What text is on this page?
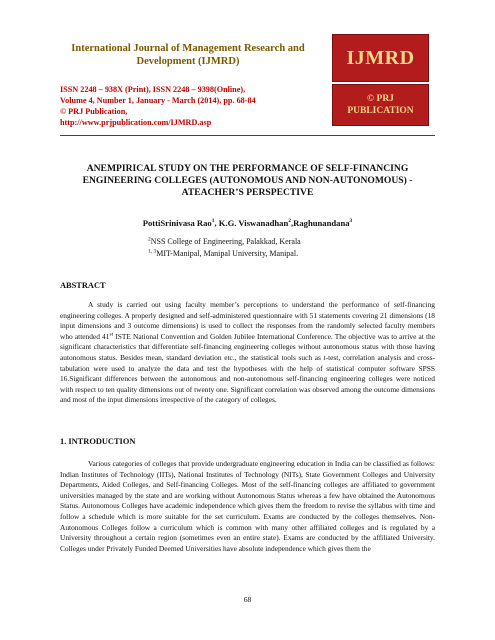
International Journal of Management Research and Development (IJMRD)
ISSN 2248 – 938X (Print), ISSN 2248 – 9398(Online),
Volume 4, Number 1, January - March (2014), pp. 68-84
© PRJ Publication,
http://www.prjpublication.com/IJMRD.asp
IJMRD
© PRJ
PUBLICATION
ANEMPIRICAL STUDY ON THE PERFORMANCE OF SELF-FINANCING
ENGINEERING COLLEGES (AUTONOMOUS AND NON-AUTONOMOUS) -
ATEACHER’S PERSPECTIVE
PottiSrinivasa Rao$^1$, K.G. Viswanadhan$^2$,Raghunandana$^3$
$^2$NSS College of Engineering, Palakkad, Kerala
$^{1, 3}$MIT-Manipal, Manipal University, Manipal.
ABSTRACT

A study is carried out using faculty member’s perceptions to understand the performance of self-financing engineering colleges. A properly designed and self-administered questionnaire with 51 statements covering 21 dimensions (18 input dimensions and 3 outcome dimensions) is used to collect the responses from the randomly selected faculty members who attended 41st ISTE National Convention and Golden Jubilee International Conference. The objective was to arrive at the significant characteristics that differentiate self-financing engineering colleges without autonomous status with those having autonomous status. Besides mean, standard deviation etc., the statistical tools such as t-test, correlation analysis and cross-tabulation were used to analyze the data and test the hypotheses with the help of statistical computer software SPSS 16.Significant differences between the autonomous and non-autonomous self-financing engineering colleges were noticed with respect to ten quality dimensions out of twenty one. Significant correlation was observed among the outcome dimensions and most of the input dimensions irrespective of the category of colleges.

1. INTRODUCTION

Various categories of colleges that provide undergraduate engineering education in India can be classified as follows: Indian Institutes of Technology (IITs), National Institutes of Technology (NITs), State Government Colleges and University Departments, Aided Colleges, and Self-financing Colleges. Most of the self-financing colleges are affiliated to government universities managed by the state and are working without Autonomous Status whereas a few have obtained the Autonomous Status. Autonomous Colleges have academic independence which gives them the freedom to revise the syllabus with time and follow a schedule which is more suitable for the set curriculum. Exams are conducted by the colleges themselves. Non-Autonomous Colleges follow a curriculum which is common with many other affiliated colleges and is regulated by a University throughout a certain region (sometimes even an entire state). Exams are conducted by the affiliated University. Colleges under Privately Funded Deemed Universities have absolute independence which gives them the

68
